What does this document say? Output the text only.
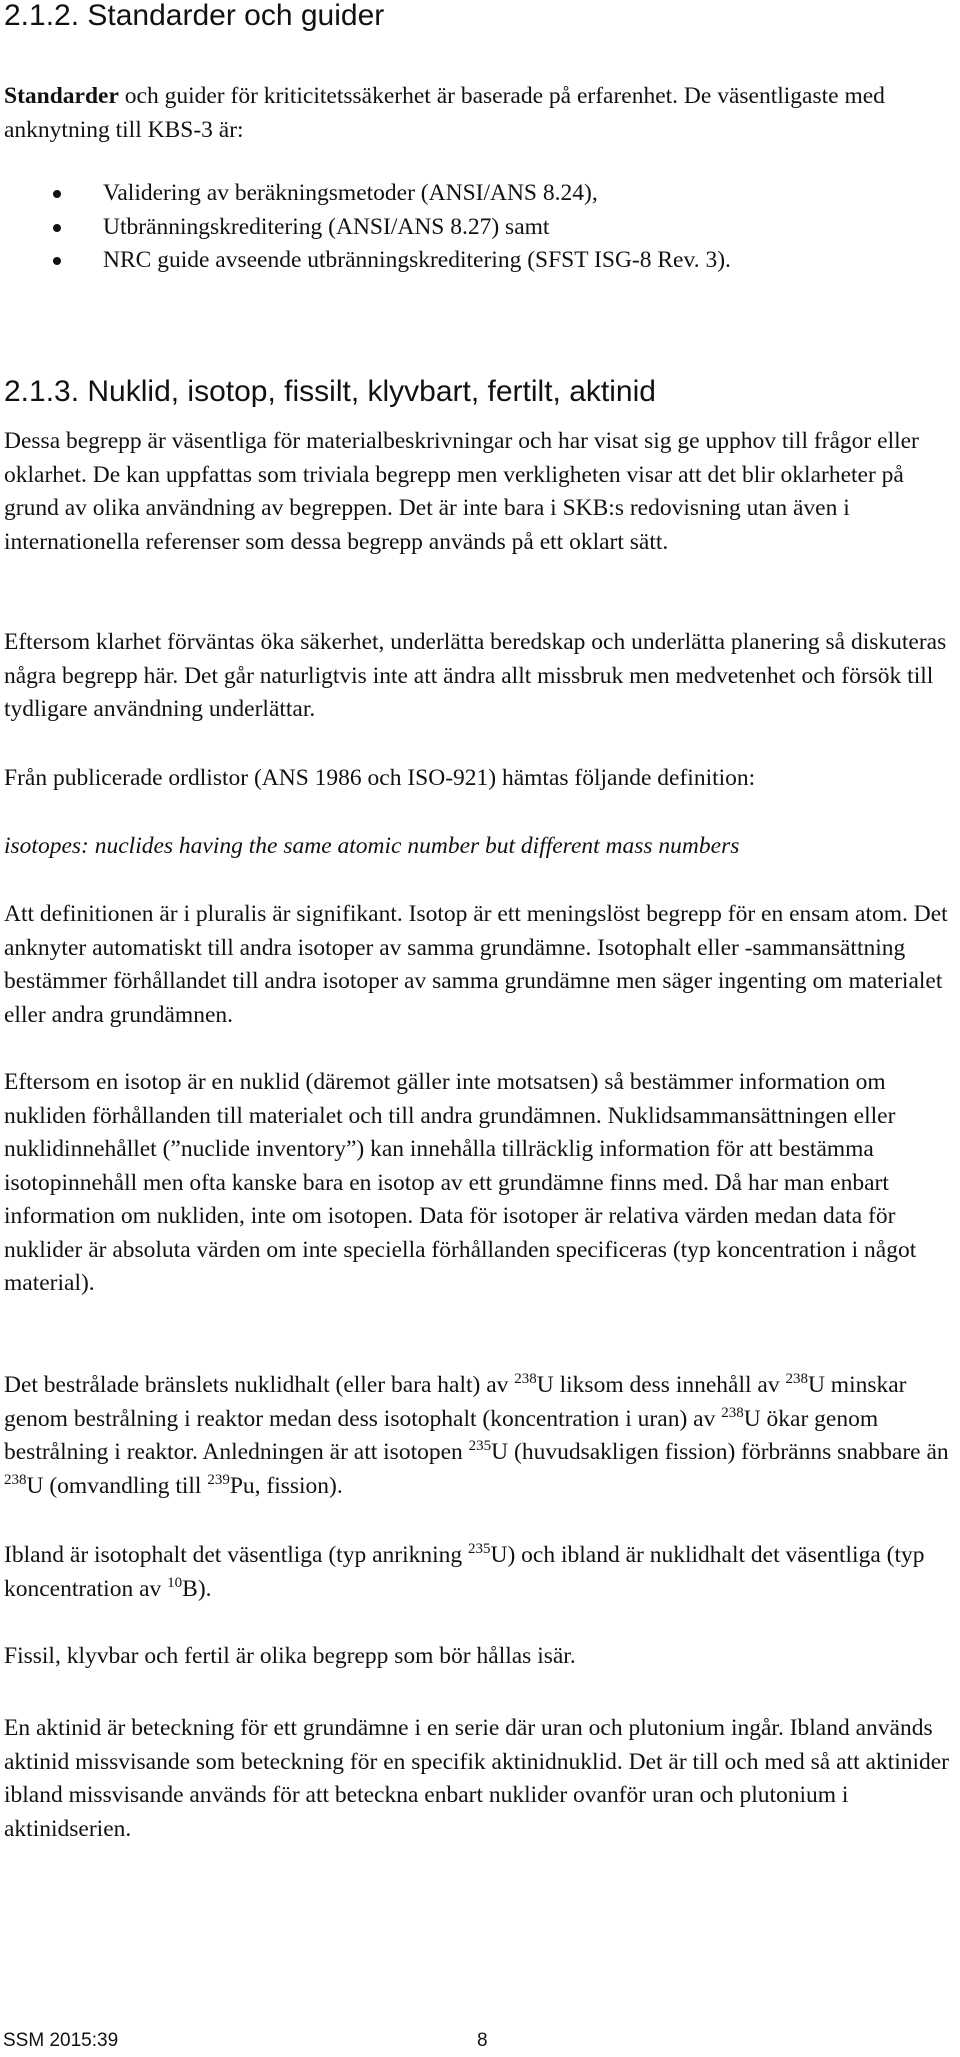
2.1.2. Standarder och guider

Standarder och guider för kriticitetssäkerhet är baserade på erfarenhet. De väsentligaste med anknytning till KBS-3 är:

Validering av beräkningsmetoder (ANSI/ANS 8.24),
Utbränningskreditering (ANSI/ANS 8.27) samt
NRC guide avseende utbränningskreditering (SFST ISG-8 Rev. 3).
2.1.3. Nuklid, isotop, fissilt, klyvbart, fertilt, aktinid

Dessa begrepp är väsentliga för materialbeskrivningar och har visat sig ge upphov till frågor eller oklarhet. De kan uppfattas som triviala begrepp men verkligheten visar att det blir oklarheter på grund av olika användning av begreppen. Det är inte bara i SKB:s redovisning utan även i internationella referenser som dessa begrepp används på ett oklart sätt.

Eftersom klarhet förväntas öka säkerhet, underlätta beredskap och underlätta planering så diskuteras några begrepp här. Det går naturligtvis inte att ändra allt missbruk men medvetenhet och försök till tydligare användning underlättar.

Från publicerade ordlistor (ANS 1986 och ISO-921) hämtas följande definition:

isotopes: nuclides having the same atomic number but different mass numbers

Att definitionen är i pluralis är signifikant. Isotop är ett meningslöst begrepp för en ensam atom. Det anknyter automatiskt till andra isotoper av samma grundämne. Isotophalt eller -sammansättning bestämmer förhållandet till andra isotoper av samma grundämne men säger ingenting om materialet eller andra grundämnen.

Eftersom en isotop är en nuklid (däremot gäller inte motsatsen) så bestämmer information om nukliden förhållanden till materialet och till andra grundämnen. Nuklidsammansättningen eller nuklidinnehållet (”nuclide inventory”) kan innehålla tillräcklig information för att bestämma isotopinnehåll men ofta kanske bara en isotop av ett grundämne finns med. Då har man enbart information om nukliden, inte om isotopen. Data för isotoper är relativa värden medan data för nuklider är absoluta värden om inte speciella förhållanden specificeras (typ koncentration i något material).

Det bestrålade bränslets nuklidhalt (eller bara halt) av $^{238}$U liksom dess innehåll av $^{238}$U minskar genom bestrålning i reaktor medan dess isotophalt (koncentration i uran) av $^{238}$U ökar genom bestrålning i reaktor. Anledningen är att isotopen $^{235}$U (huvudsakligen fission) förbränns snabbare än $^{238}$U (omvandling till $^{239}$Pu, fission).

Ibland är isotophalt det väsentliga (typ anrikning $^{235}$U) och ibland är nuklidhalt det väsentliga (typ koncentration av $^{10}$B).

Fissil, klyvbar och fertil är olika begrepp som bör hållas isär.

En aktinid är beteckning för ett grundämne i en serie där uran och plutonium ingår. Ibland används aktinid missvisande som beteckning för en specifik aktinidnuklid. Det är till och med så att aktinider ibland missvisande används för att beteckna enbart nuklider ovanför uran och plutonium i aktinidserien.

SSM 2015:39	8
